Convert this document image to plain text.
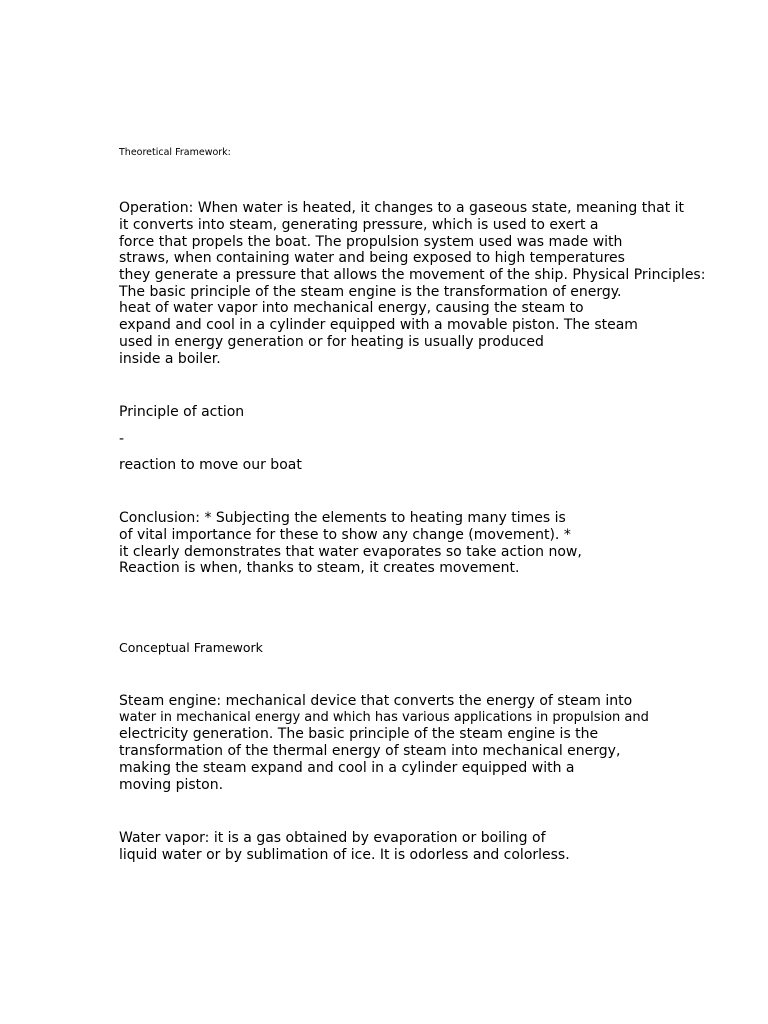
Theoretical Framework:
Operation: When water is heated, it changes to a gaseous state, meaning that it
it converts into steam, generating pressure, which is used to exert a
force that propels the boat. The propulsion system used was made with
straws, when containing water and being exposed to high temperatures
they generate a pressure that allows the movement of the ship. Physical Principles:
The basic principle of the steam engine is the transformation of energy.
heat of water vapor into mechanical energy, causing the steam to
expand and cool in a cylinder equipped with a movable piston. The steam
used in energy generation or for heating is usually produced
inside a boiler.
Principle of action
-
reaction to move our boat
Conclusion: * Subjecting the elements to heating many times is
of vital importance for these to show any change (movement). *
it clearly demonstrates that water evaporates so take action now,
Reaction is when, thanks to steam, it creates movement.
Conceptual Framework
Steam engine: mechanical device that converts the energy of steam into
water in mechanical energy and which has various applications in propulsion and
electricity generation. The basic principle of the steam engine is the
transformation of the thermal energy of steam into mechanical energy,
making the steam expand and cool in a cylinder equipped with a
moving piston.
Water vapor: it is a gas obtained by evaporation or boiling of
liquid water or by sublimation of ice. It is odorless and colorless.
